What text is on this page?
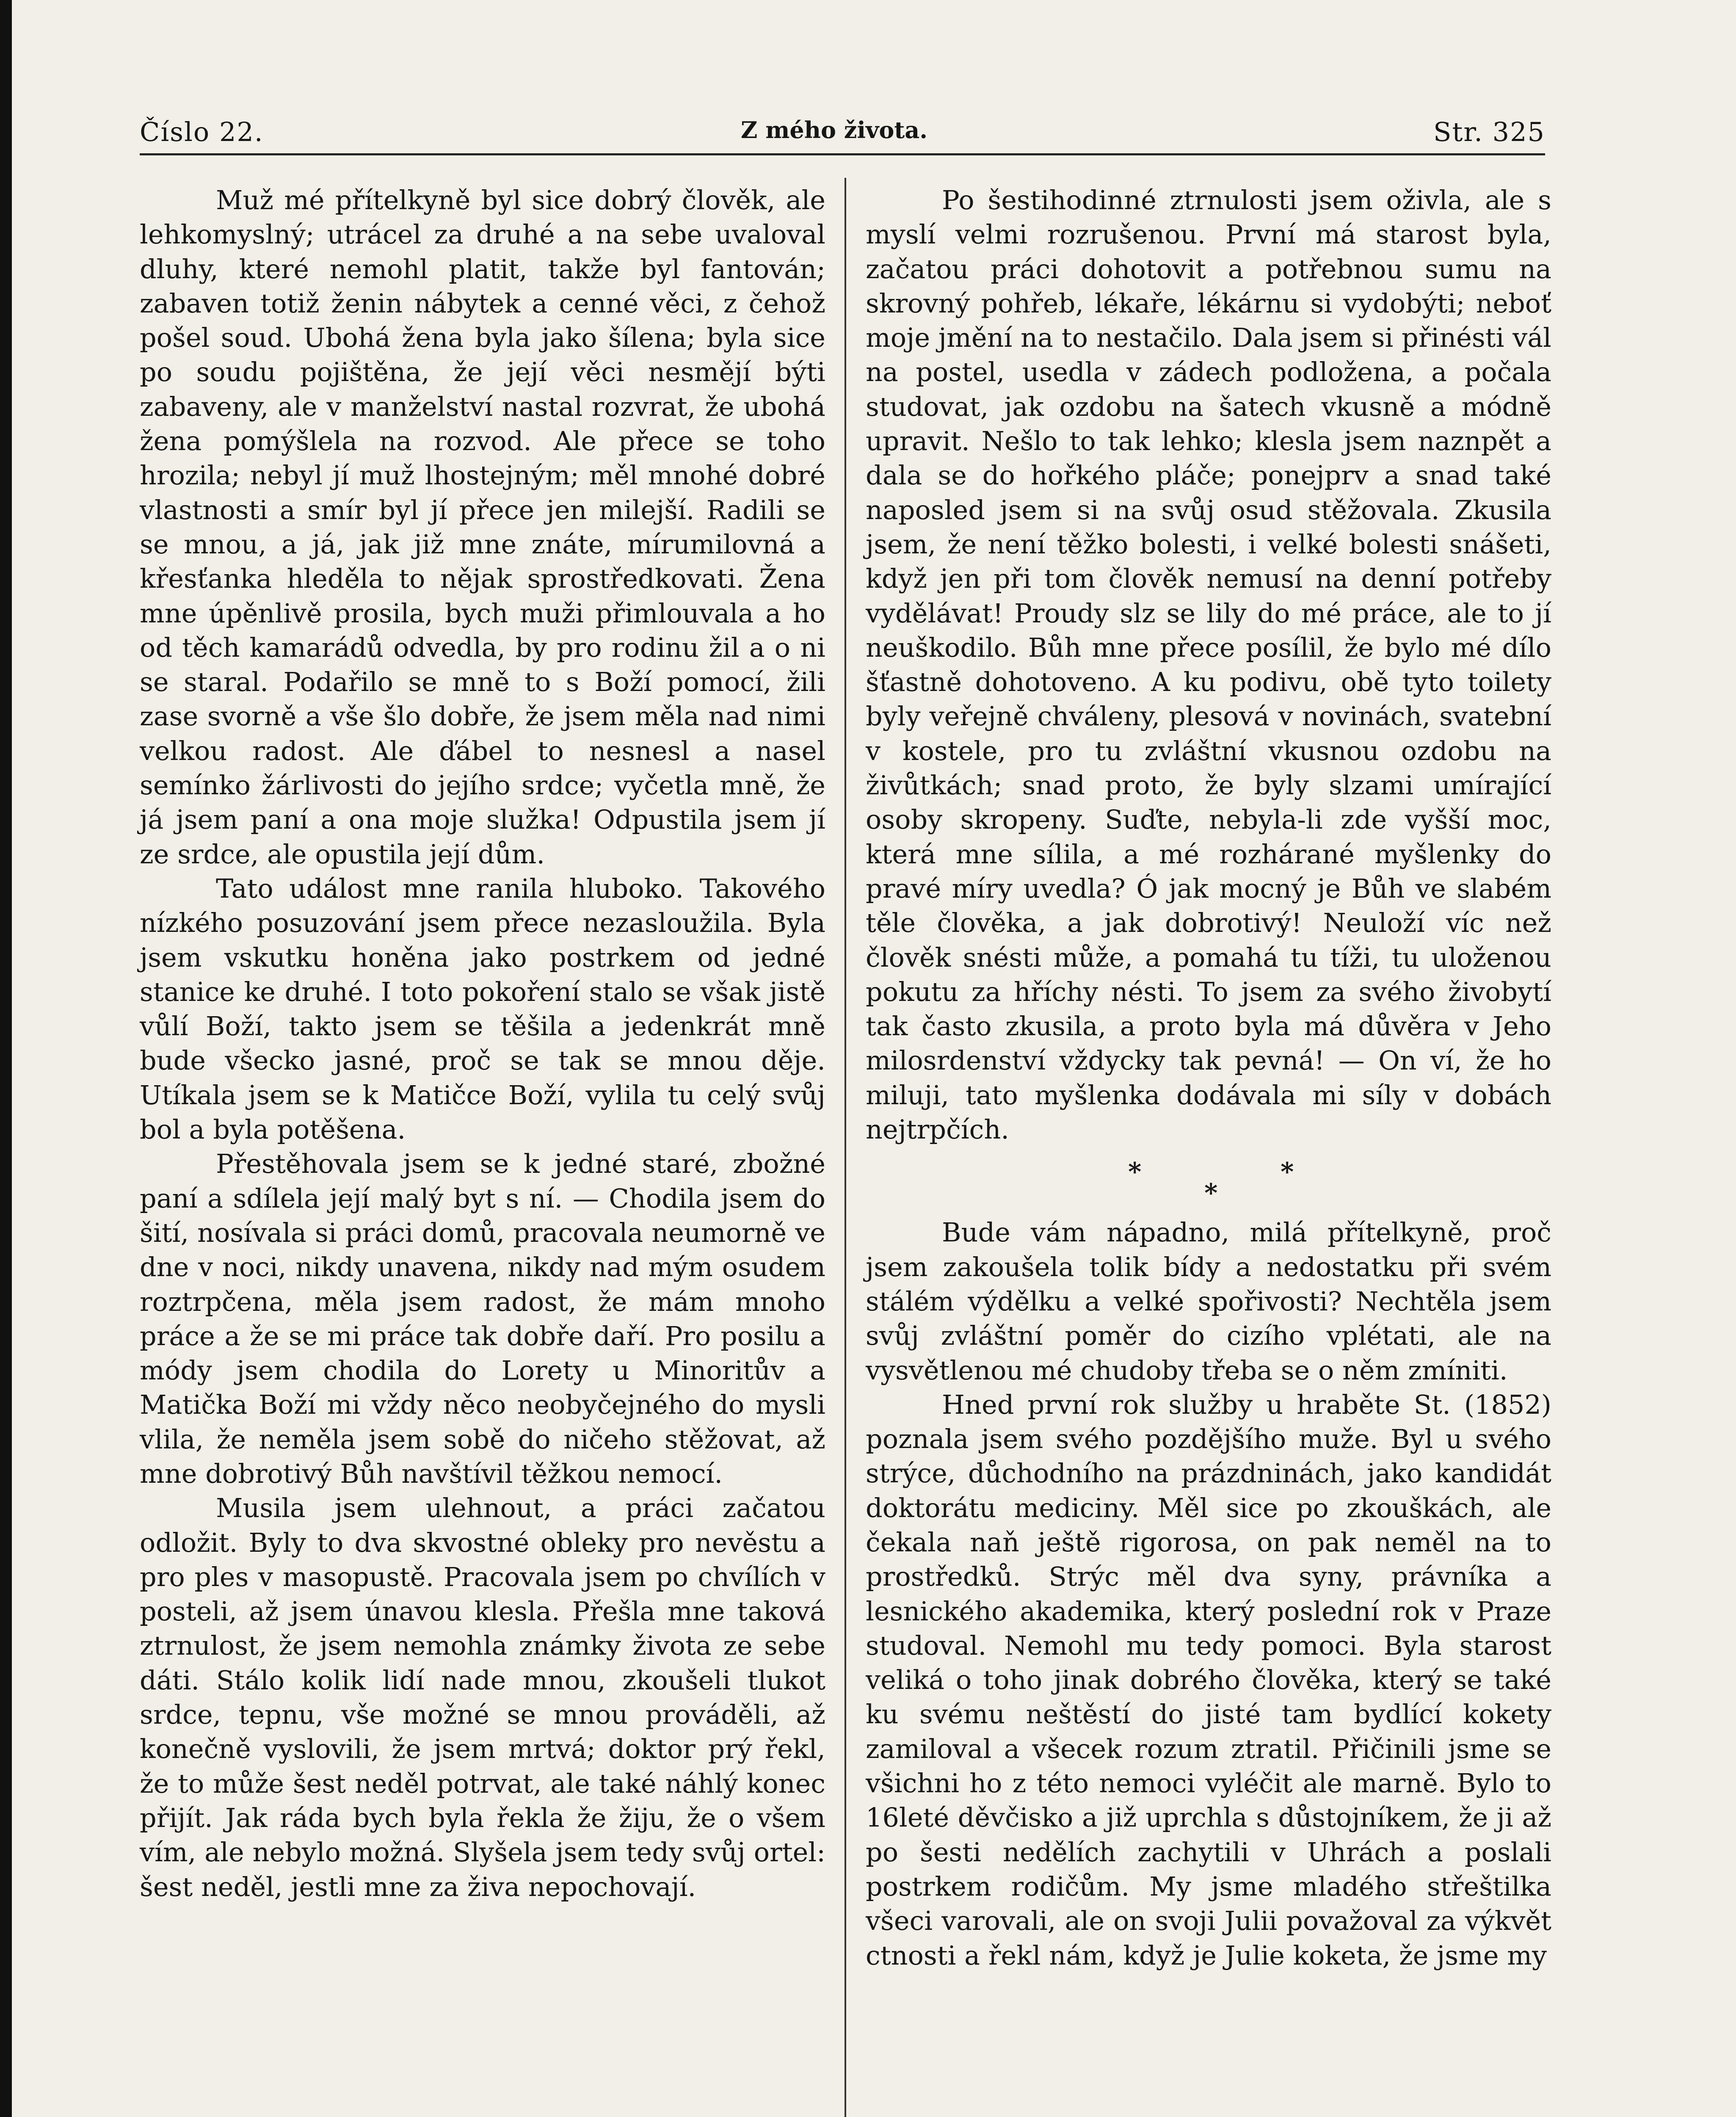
Číslo 22.	Z mého života.	Str. 325

Muž mé přítelkyně byl sice dobrý člověk, ale lehkomyslný; utrácel za druhé a na sebe uvaloval dluhy, které nemohl platit, takže byl fantován; zabaven totiž ženin nábytek a cenné věci, z čehož pošel soud. Ubohá žena byla jako šílena; byla sice po soudu pojištěna, že její věci nesmějí býti zabaveny, ale v manželství nastal rozvrat, že ubohá žena pomýšlela na rozvod. Ale přece se toho hrozila; nebyl jí muž lhostejným; měl mnohé dobré vlastnosti a smír byl jí přece jen milejší. Radili se se mnou, a já, jak již mne znáte, mírumilovná a křesťanka hleděla to nějak sprostředkovati. Žena mne úpěnlivě prosila, bych muži přimlouvala a ho od těch kamarádů odvedla, by pro rodinu žil a o ni se staral. Podařilo se mně to s Boží pomocí, žili zase svorně a vše šlo dobře, že jsem měla nad nimi velkou radost. Ale ďábel to nesnesl a nasel semínko žárlivosti do jejího srdce; vyčetla mně, že já jsem paní a ona moje služka! Odpustila jsem jí ze srdce, ale opustila její dům.

Tato událost mne ranila hluboko. Takového nízkého posuzování jsem přece nezasloužila. Byla jsem vskutku honěna jako postrkem od jedné stanice ke druhé. I toto pokoření stalo se však jistě vůlí Boží, takto jsem se těšila a jedenkrát mně bude všecko jasné, proč se tak se mnou děje. Utíkala jsem se k Matičce Boží, vylila tu celý svůj bol a byla potěšena.

Přestěhovala jsem se k jedné staré, zbožné paní a sdílela její malý byt s ní. — Chodila jsem do šití, nosívala si práci domů, pracovala neumorně ve dne v noci, nikdy unavena, nikdy nad mým osudem roztrpčena, měla jsem radost, že mám mnoho práce a že se mi práce tak dobře daří. Pro posilu a módy jsem chodila do Lorety u Minoritův a Matička Boží mi vždy něco neobyčejného do mysli vlila, že neměla jsem sobě do ničeho stěžovat, až mne dobrotivý Bůh navštívil těžkou nemocí.

Musila jsem ulehnout, a práci začatou odložit. Byly to dva skvostné obleky pro nevěstu a pro ples v masopustě. Pracovala jsem po chvílích v posteli, až jsem únavou klesla. Přešla mne taková ztrnulost, že jsem nemohla známky života ze sebe dáti. Stálo kolik lidí nade mnou, zkoušeli tlukot srdce, tepnu, vše možné se mnou prováděli, až konečně vyslovili, že jsem mrtvá; doktor prý řekl, že to může šest neděl potrvat, ale také náhlý konec přijít. Jak ráda bych byla řekla že žiju, že o všem vím, ale nebylo možná. Slyšela jsem tedy svůj ortel: šest neděl, jestli mne za živa nepochovají.

Po šestihodinné ztrnulosti jsem oživla, ale s myslí velmi rozrušenou. První má starost byla, začatou práci dohotovit a potřebnou sumu na skrovný pohřeb, lékaře, lékárnu si vydobýti; neboť moje jmění na to nestačilo. Dala jsem si přinésti vál na postel, usedla v zádech podložena, a počala studovat, jak ozdobu na šatech vkusně a módně upravit. Nešlo to tak lehko; klesla jsem naznpět a dala se do hořkého pláče; ponejprv a snad také naposled jsem si na svůj osud stěžovala. Zkusila jsem, že není těžko bolesti, i velké bolesti snášeti, když jen při tom člověk nemusí na denní potřeby vydělávat! Proudy slz se lily do mé práce, ale to jí neuškodilo. Bůh mne přece posílil, že bylo mé dílo šťastně dohotoveno. A ku podivu, obě tyto toilety byly veřejně chváleny, plesová v novinách, svatební v kostele, pro tu zvláštní vkusnou ozdobu na živůtkách; snad proto, že byly slzami umírající osoby skropeny. Suďte, nebyla-li zde vyšší moc, která mne sílila, a mé rozhárané myšlenky do pravé míry uvedla? Ó jak mocný je Bůh ve slabém těle člověka, a jak dobrotivý! Neuloží víc než člověk snésti může, a pomahá tu tíži, tu uloženou pokutu za hříchy nésti. To jsem za svého živobytí tak často zkusila, a proto byla má důvěra v Jeho milosrdenství vždycky tak pevná! — On ví, že ho miluji, tato myšlenka dodávala mi síly v dobách nejtrpčích.

*
*
*

Bude vám nápadno, milá přítelkyně, proč jsem zakoušela tolik bídy a nedostatku při svém stálém výdělku a velké spořivosti? Nechtěla jsem svůj zvláštní poměr do cizího vplétati, ale na vysvětlenou mé chudoby třeba se o něm zmíniti.

Hned první rok služby u hraběte St. (1852) poznala jsem svého pozdějšího muže. Byl u svého strýce, důchodního na prázdninách, jako kandidát doktorátu mediciny. Měl sice po zkouškách, ale čekala naň ještě rigorosa, on pak neměl na to prostředků. Strýc měl dva syny, právníka a lesnického akademika, který poslední rok v Praze studoval. Nemohl mu tedy pomoci. Byla starost veliká o toho jinak dobrého člověka, který se také ku svému neštěstí do jisté tam bydlící kokety zamiloval a všecek rozum ztratil. Přičinili jsme se všichni ho z této nemoci vyléčit ale marně. Bylo to 16leté děvčisko a již uprchla s důstojníkem, že ji až po šesti nedělích zachytili v Uhrách a poslali postrkem rodičům. My jsme mladého střeštilka všeci varovali, ale on svoji Julii považoval za výkvět ctnosti a řekl nám, když je Julie koketa, že jsme my
